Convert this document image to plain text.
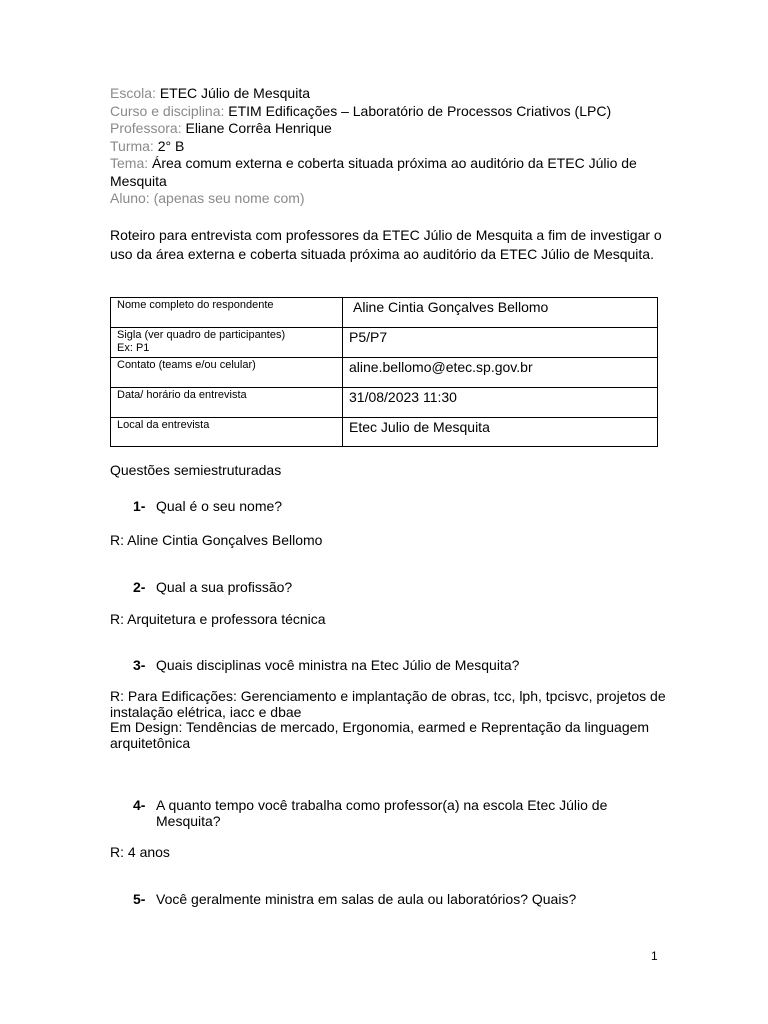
Escola: ETEC Júlio de Mesquita
Curso e disciplina: ETIM Edificações – Laboratório de Processos Criativos (LPC)
Professora: Eliane Corrêa Henrique
Turma: 2° B
Tema: Área comum externa e coberta situada próxima ao auditório da ETEC Júlio de Mesquita
Aluno: (apenas seu nome com)
Roteiro para entrevista com professores da ETEC Júlio de Mesquita a fim de investigar o uso da área externa e coberta situada próxima ao auditório da ETEC Júlio de Mesquita.
Nome completo do respondente	Aline Cintia Gonçalves Bellomo

Sigla (ver quadro de participantes)
Ex: P1	P5/P7
Contato (teams e/ou celular)	aline.bellomo@etec.sp.gov.br
Data/ horário da entrevista	31/08/2023 11:30
Local da entrevista	Etec Julio de Mesquita
Questões semiestruturadas
1- Qual é o seu nome?
R: Aline Cintia Gonçalves Bellomo
2- Qual a sua profissão?
R: Arquitetura e professora técnica
3- Quais disciplinas você ministra na Etec Júlio de Mesquita?
R: Para Edificações: Gerenciamento e implantação de obras, tcc, lph, tpcisvc, projetos de instalação elétrica, iacc e dbae
Em Design: Tendências de mercado, Ergonomia, earmed e Reprentação da linguagem arquitetônica
4- A quanto tempo você trabalha como professor(a) na escola Etec Júlio de Mesquita?
R: 4 anos
5- Você geralmente ministra em salas de aula ou laboratórios? Quais?
1
